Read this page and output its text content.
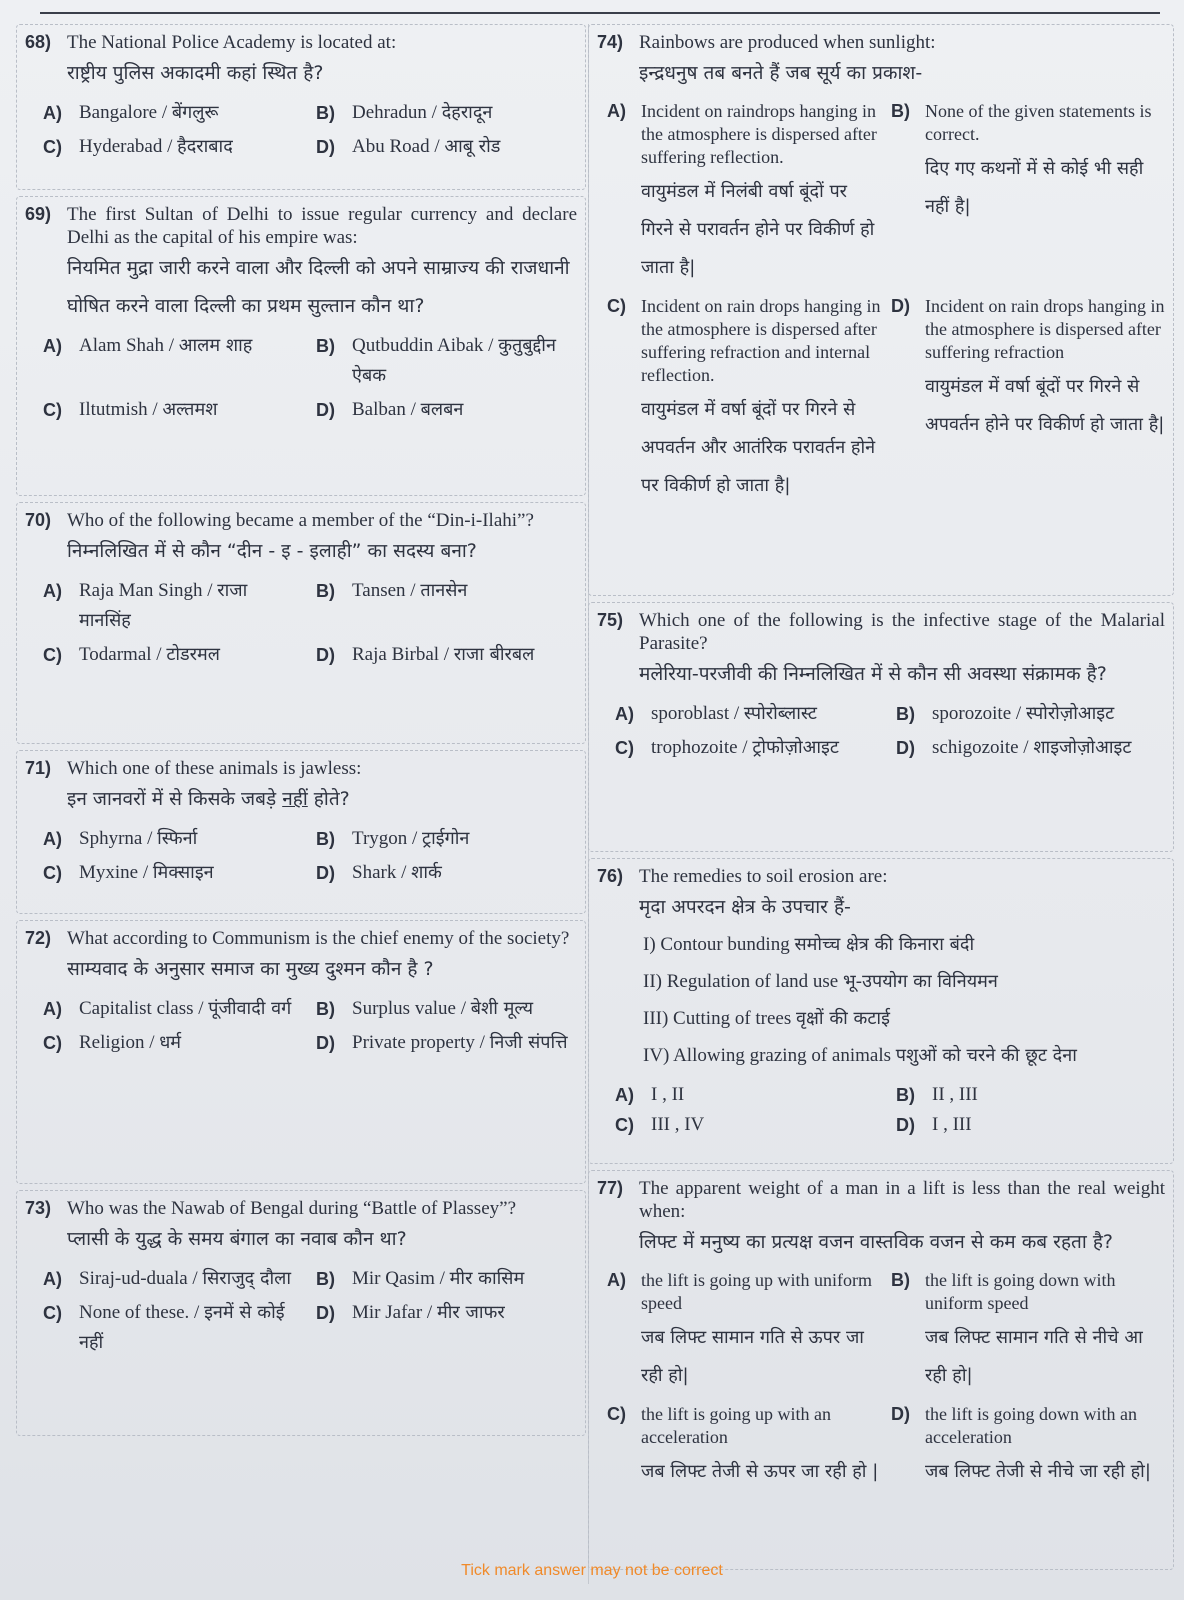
68) The National Police Academy is located at:
राष्ट्रीय पुलिस अकादमी कहां स्थित है?
A) Bangalore / बेंगलुरू	B) Dehradun / देहरादून
C) Hyderabad / हैदराबाद	D) Abu Road / आबू रोड
69) The first Sultan of Delhi to issue regular currency and declare Delhi as the capital of his empire was:
नियमित मुद्रा जारी करने वाला और दिल्ली को अपने साम्राज्य की राजधानी घोषित करने वाला दिल्ली का प्रथम सुल्तान कौन था?
A) Alam Shah / आलम शाह	B) Qutbuddin Aibak / कुतुबुद्दीन ऐबक
C) Iltutmish / अल्तमश	D) Balban / बलबन
70) Who of the following became a member of the “Din-i-Ilahi”?
निम्नलिखित में से कौन “दीन - इ - इलाही” का सदस्य बना?
A) Raja Man Singh / राजा मानसिंह
B) Tansen / तानसेन
C) Todarmal / टोडरमल	D) Raja Birbal / राजा बीरबल
71) Which one of these animals is jawless:
इन जानवरों में से किसके जबड़े नहीं होते?
A) Sphyrna / स्फिर्ना	B) Trygon / ट्राईगोन
C) Myxine / मिक्साइन	D) Shark / शार्क
72) What according to Communism is the chief enemy of the society?
साम्यवाद के अनुसार समाज का मुख्य दुश्मन कौन है ?
A) Capitalist class / पूंजीवादी वर्ग B) Surplus value / बेशी मूल्य
C) Religion / धर्म	D) Private property / निजी संपत्ति
73) Who was the Nawab of Bengal during “Battle of Plassey”?
प्लासी के युद्ध के समय बंगाल का नवाब कौन था?
A) Siraj-ud-duala / सिराजुद् दौला B) Mir Qasim / मीर कासिम
C) None of these. / इनमें से कोई नहीं
D) Mir Jafar / मीर जाफर
74) Rainbows are produced when sunlight:
इन्द्रधनुष तब बनते हैं जब सूर्य का प्रकाश-
A) Incident on raindrops hanging in the atmosphere is dispersed after suffering reflection.
वायुमंडल में निलंबी वर्षा बूंदों पर गिरने से परावर्तन होने पर विकीर्ण हो जाता है|
B) None of the given statements is correct.
दिए गए कथनों में से कोई भी सही नहीं है|
C) Incident on rain drops hanging in the atmosphere is dispersed after suffering refraction and internal reflection.
वायुमंडल में वर्षा बूंदों पर गिरने से अपवर्तन और आतंरिक परावर्तन होने पर विकीर्ण हो जाता है|
D) Incident on rain drops hanging in the atmosphere is dispersed after suffering refraction
वायुमंडल में वर्षा बूंदों पर गिरने से अपवर्तन होने पर विकीर्ण हो जाता है|
75) Which one of the following is the infective stage of the Malarial Parasite?
मलेरिया-परजीवी की निम्नलिखित में से कौन सी अवस्था संक्रामक है?
A) sporoblast / स्पोरोब्लास्ट	B) sporozoite / स्पोरोज़ोआइट
C) trophozoite / ट्रोफोज़ोआइट	D) schigozoite / शाइजोज़ोआइट
76) The remedies to soil erosion are:
मृदा अपरदन क्षेत्र के उपचार हैं-
I) Contour bunding समोच्च क्षेत्र की किनारा बंदी
II) Regulation of land use भू-उपयोग का विनियमन
III) Cutting of trees वृक्षों की कटाई
IV) Allowing grazing of animals पशुओं को चरने की छूट देना
A) I , II	B) II , III
C) III , IV	D) I , III
77) The apparent weight of a man in a lift is less than the real weight when:
लिफ्ट में मनुष्य का प्रत्यक्ष वजन वास्तविक वजन से कम कब रहता है?
A) the lift is going up with uniform speed
जब लिफ्ट सामान गति से ऊपर जा रही हो|
B) the lift is going down with uniform speed
जब लिफ्ट सामान गति से नीचे आ रही हो|
C) the lift is going up with an acceleration
जब लिफ्ट तेजी से ऊपर जा रही हो |
D) the lift is going down with an acceleration
जब लिफ्ट तेजी से नीचे जा रही हो|
Tick mark answer may not be correct
